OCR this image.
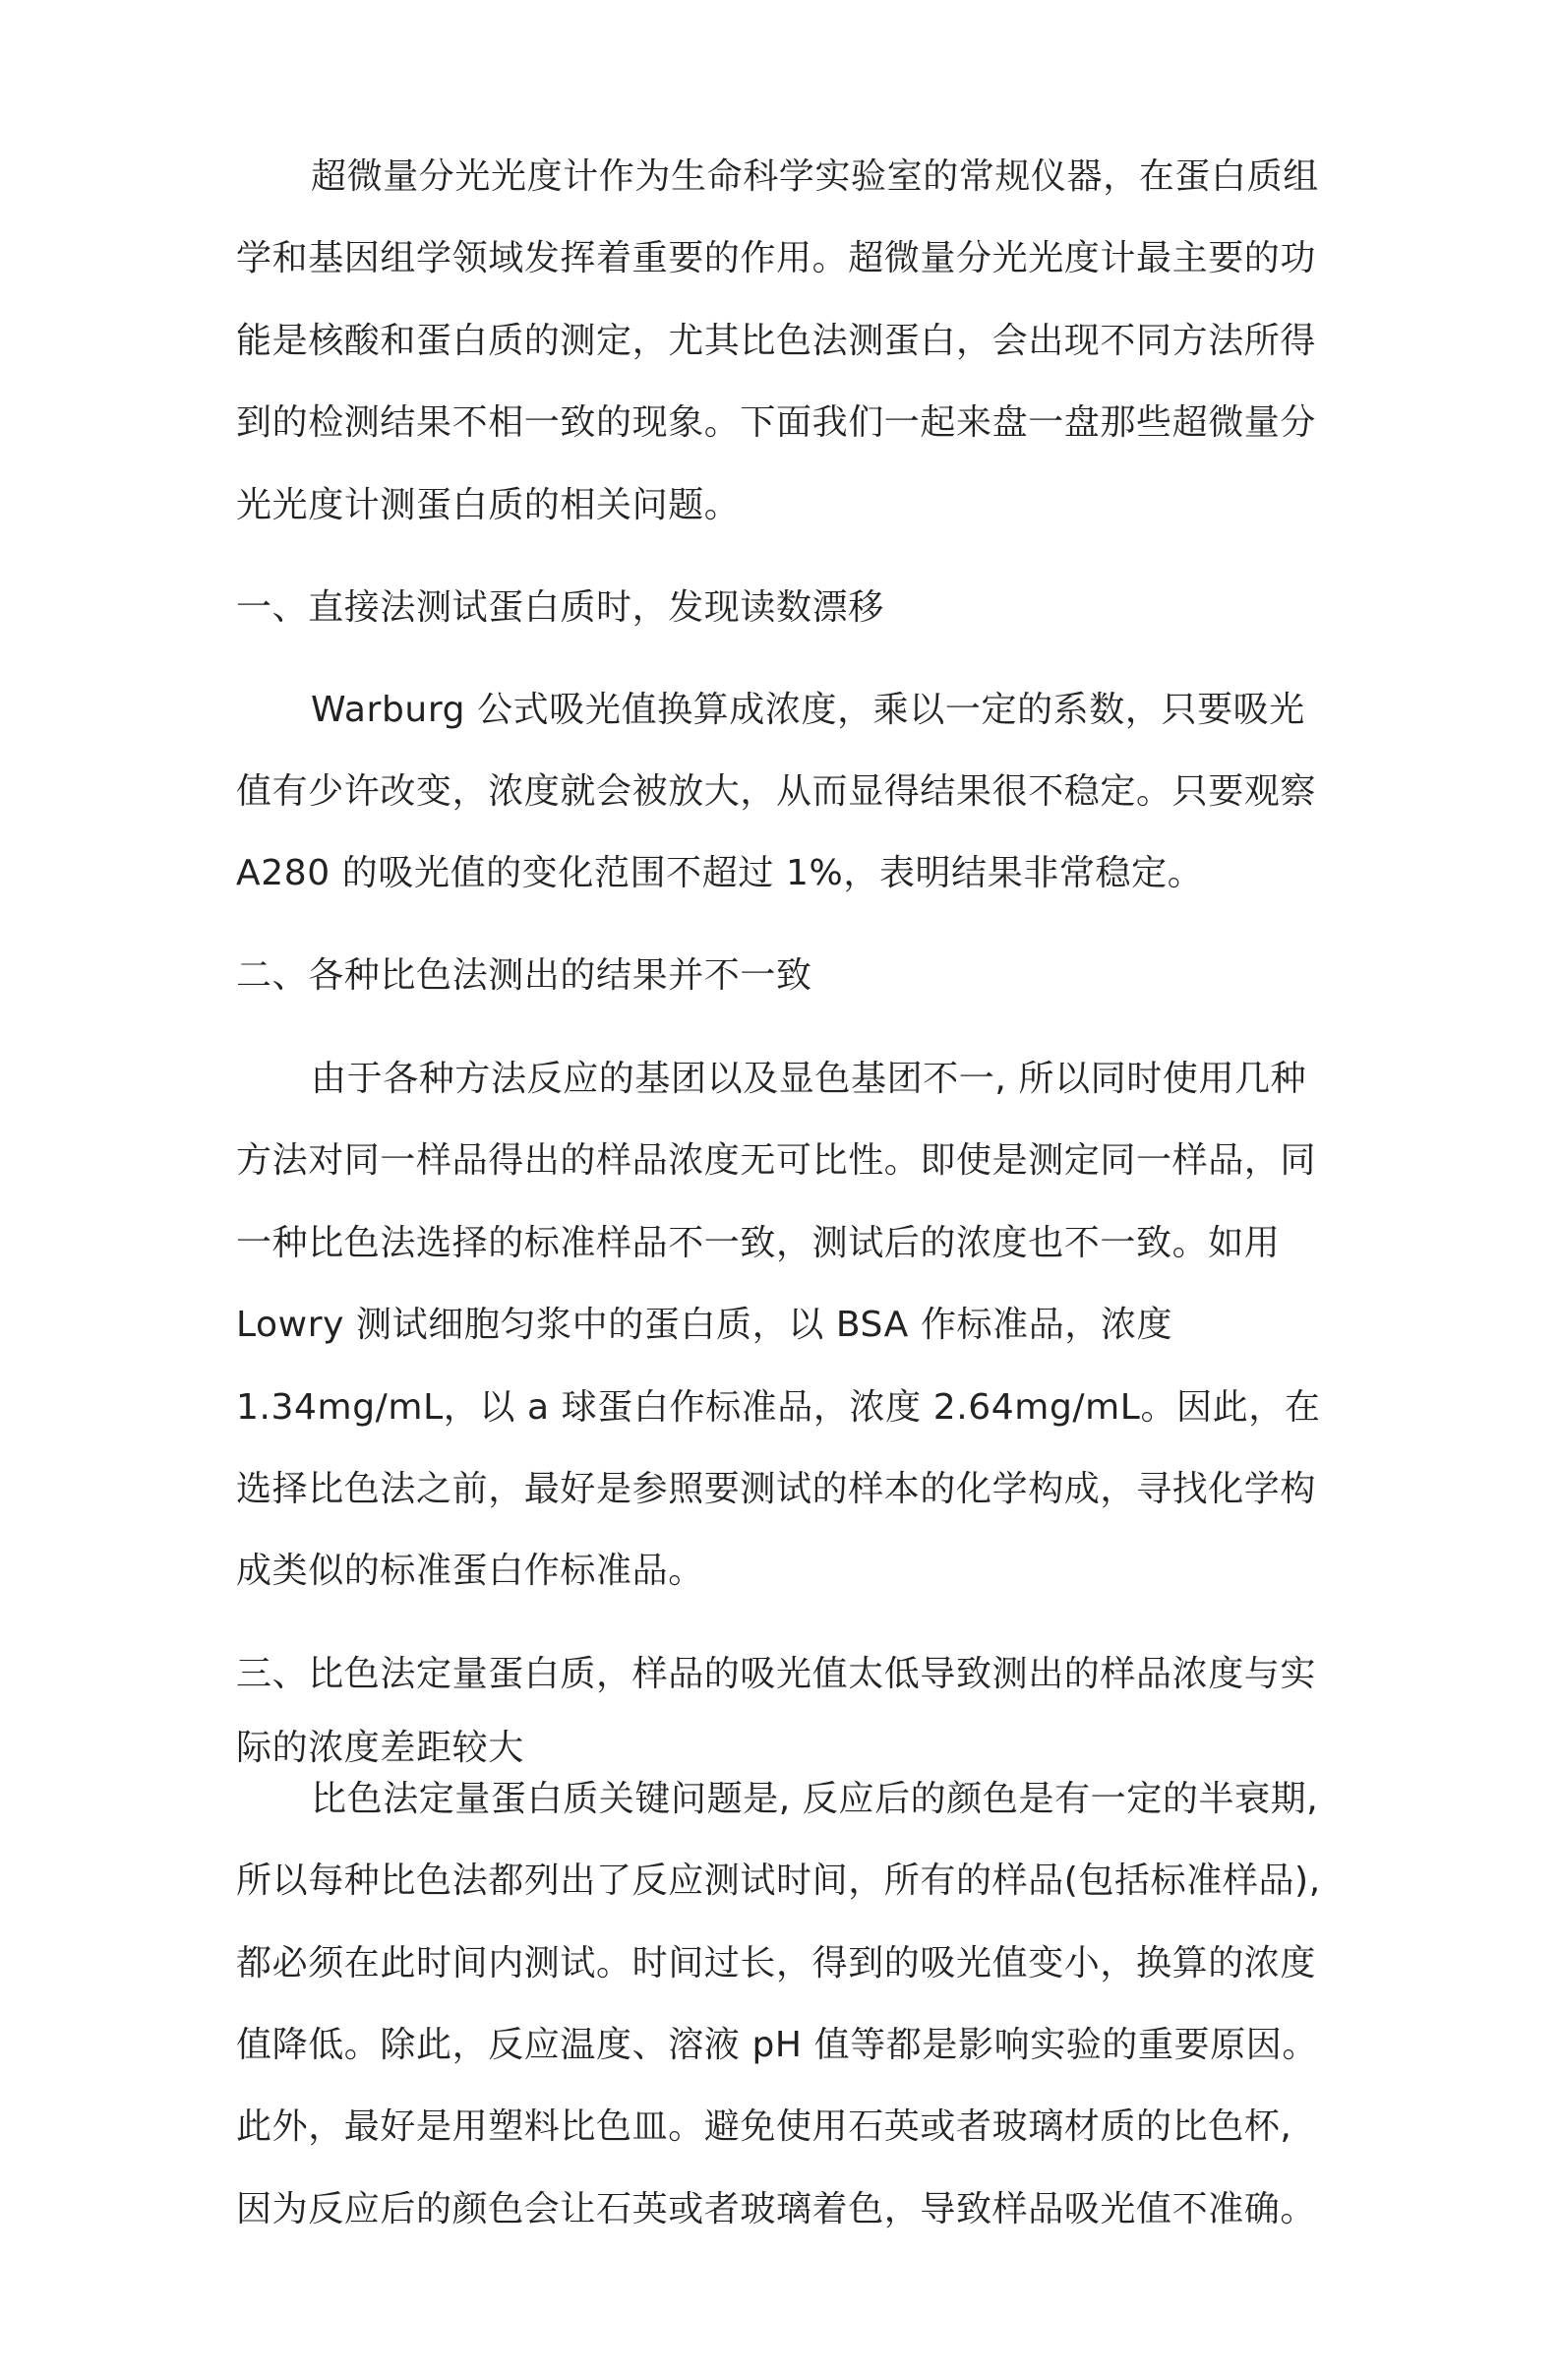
超微量分光光度计作为生命科学实验室的常规仪器，在蛋白质组
学和基因组学领域发挥着重要的作用。超微量分光光度计最主要的功
能是核酸和蛋白质的测定，尤其比色法测蛋白，会出现不同方法所得
到的检测结果不相一致的现象。下面我们一起来盘一盘那些超微量分
光光度计测蛋白质的相关问题。
一、直接法测试蛋白质时，发现读数漂移
Warburg 公式吸光值换算成浓度，乘以一定的系数，只要吸光
值有少许改变，浓度就会被放大，从而显得结果很不稳定。只要观察
A280 的吸光值的变化范围不超过 1%，表明结果非常稳定。
二、各种比色法测出的结果并不一致
由于各种方法反应的基团以及显色基团不一, 所以同时使用几种
方法对同一样品得出的样品浓度无可比性。即使是测定同一样品，同
一种比色法选择的标准样品不一致，测试后的浓度也不一致。如用
Lowry 测试细胞匀浆中的蛋白质，以 BSA 作标准品，浓度
1.34mg/mL，以 a 球蛋白作标准品，浓度 2.64mg/mL。因此，在
选择比色法之前，最好是参照要测试的样本的化学构成，寻找化学构
成类似的标准蛋白作标准品。
三、比色法定量蛋白质，样品的吸光值太低导致测出的样品浓度与实
际的浓度差距较大
比色法定量蛋白质关键问题是, 反应后的颜色是有一定的半衰期,
所以每种比色法都列出了反应测试时间，所有的样品(包括标准样品),
都必须在此时间内测试。时间过长，得到的吸光值变小，换算的浓度
值降低。除此，反应温度、溶液 pH 值等都是影响实验的重要原因。
此外，最好是用塑料比色皿。避免使用石英或者玻璃材质的比色杯,
因为反应后的颜色会让石英或者玻璃着色，导致样品吸光值不准确。
